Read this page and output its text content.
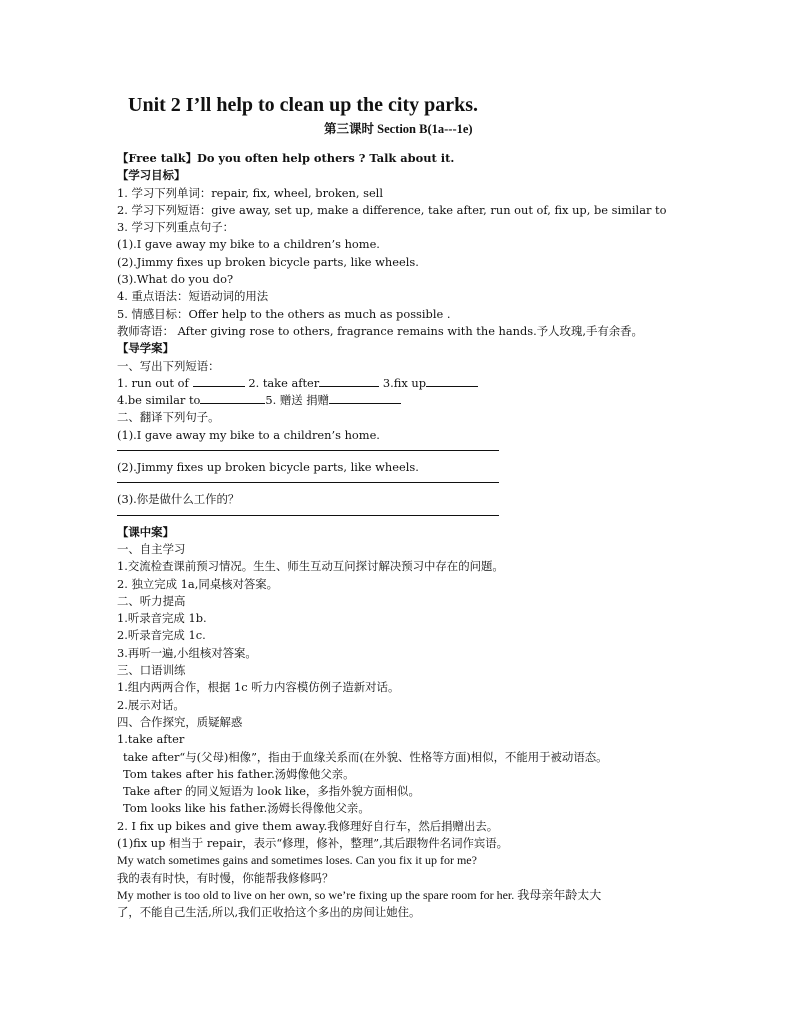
Unit 2 I’ll help to clean up the city parks.
第三课时 Section B(1a---1e)
【Free talk】Do you often help others ? Talk about it.
【学习目标】
1. 学习下列单词：repair, fix, wheel, broken, sell
2. 学习下列短语：give away, set up, make a difference, take after, run out of, fix up, be similar to
3. 学习下列重点句子：
(1).I gave away my bike to a children’s home.
(2).Jimmy fixes up broken bicycle parts, like wheels.
(3).What do you do?
4. 重点语法：短语动词的用法
5. 情感目标：Offer help to the others as much as possible .
教师寄语： After giving rose to others, fragrance remains with the hands.予人玫瑰,手有余香。
【导学案】
一、写出下列短语：
1. run out of	2. take after	3.fix up
4.be similar to	5. 赠送 捐赠
二、翻译下列句子。
(1).I gave away my bike to a children’s home.
(2).Jimmy fixes up broken bicycle parts, like wheels.
(3).你是做什么工作的？
【课中案】
一、自主学习
1.交流检查课前预习情况。生生、师生互动互问探讨解决预习中存在的问题。
2. 独立完成 1a,同桌核对答案。
二、听力提高
1.听录音完成 1b.
2.听录音完成 1c.
3.再听一遍,小组核对答案。
三、口语训练
1.组内两两合作，根据 1c 听力内容模仿例子造新对话。
2.展示对话。
四、合作探究，质疑解惑
1.take after
take after“与(父母)相像”，指由于血缘关系而(在外貌、性格等方面)相似，不能用于被动语态。
Tom takes after his father.汤姆像他父亲。
Take after 的同义短语为 look like，多指外貌方面相似。
Tom looks like his father.汤姆长得像他父亲。
2. I fix up bikes and give them away.我修理好自行车，然后捐赠出去。
(1)fix up 相当于 repair，表示“修理，修补，整理”,其后跟物件名词作宾语。
My watch sometimes gains and sometimes loses. Can you fix it up for me?
我的表有时快，有时慢，你能帮我修修吗？
My mother is too old to live on her own, so we’re fixing up the spare room for her. 我母亲年龄太大
了，不能自己生活,所以,我们正收拾这个多出的房间让她住。
